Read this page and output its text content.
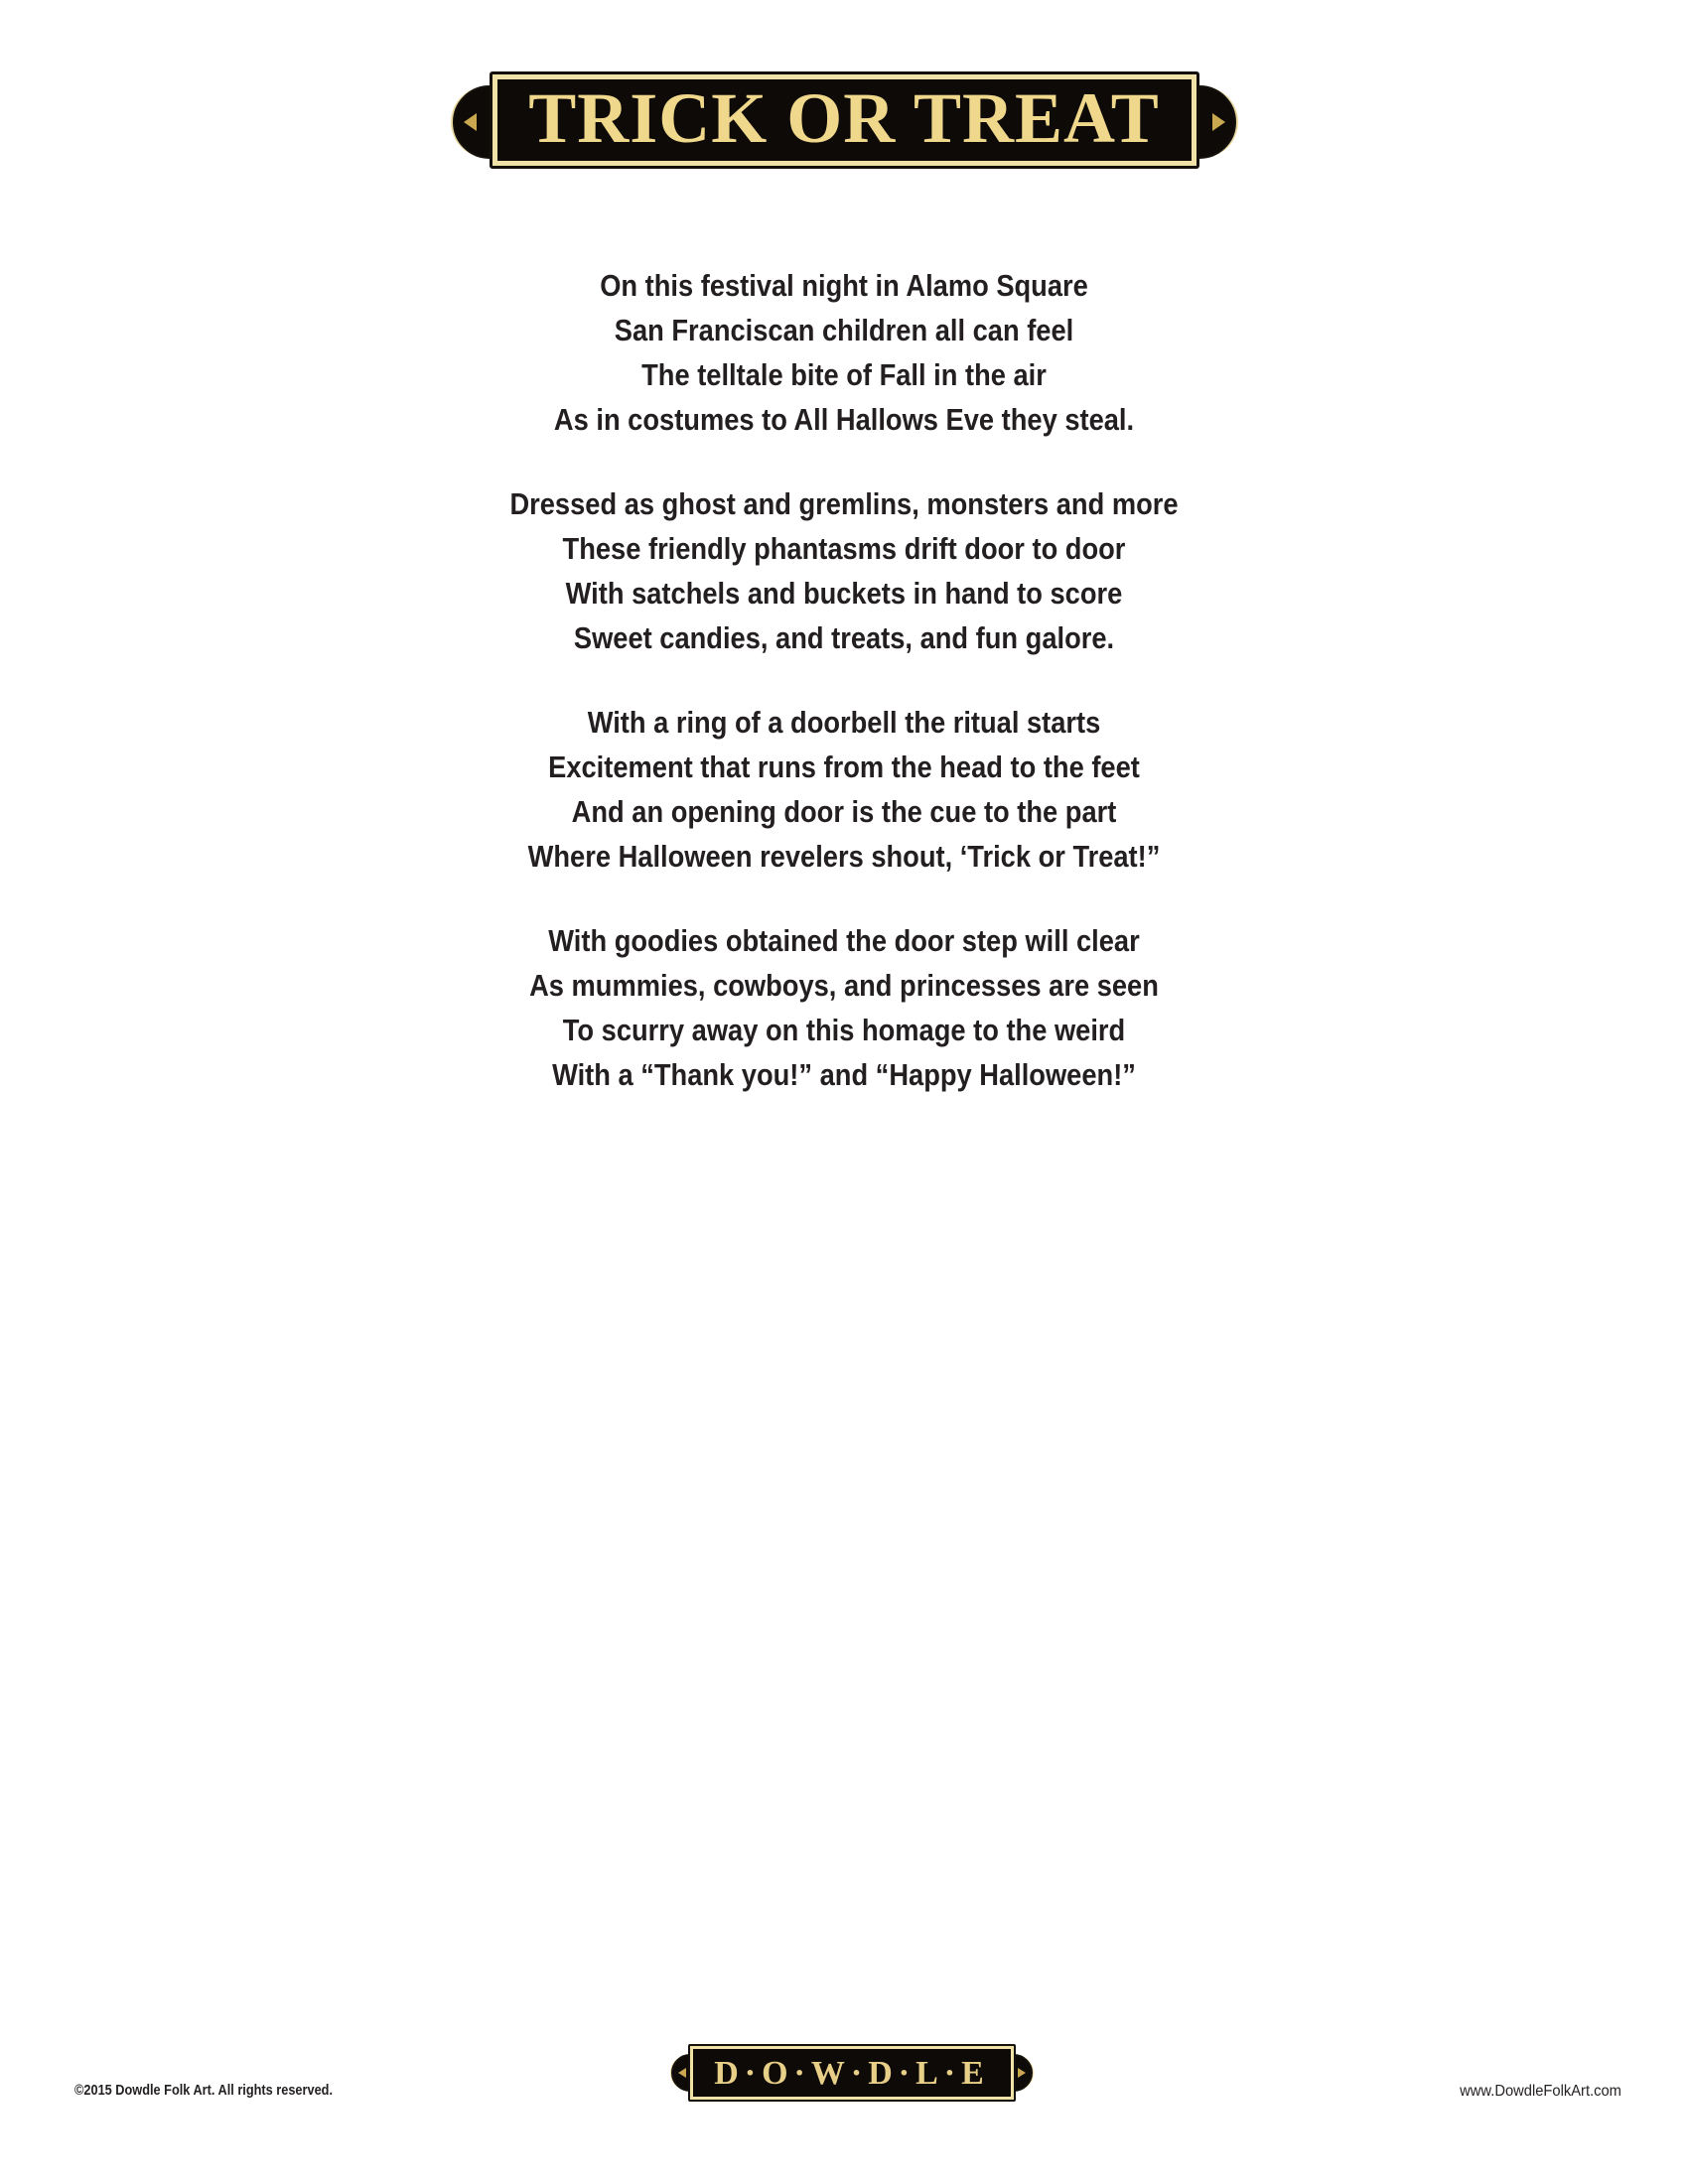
TRICK OR TREAT
On this festival night in Alamo Square
San Franciscan children all can feel
The telltale bite of Fall in the air
As in costumes to All Hallows Eve they steal.
Dressed as ghost and gremlins, monsters and more
These friendly phantasms drift door to door
With satchels and buckets in hand to score
Sweet candies, and treats, and fun galore.
With a ring of a doorbell the ritual starts
Excitement that runs from the head to the feet
And an opening door is the cue to the part
Where Halloween revelers shout, ‘Trick or Treat!”
With goodies obtained the door step will clear
As mummies, cowboys, and princesses are seen
To scurry away on this homage to the weird
With a “Thank you!” and “Happy Halloween!”
D·O·W·D·L·E
©2015 Dowdle Folk Art. All rights reserved.	www.DowdleFolkArt.com
